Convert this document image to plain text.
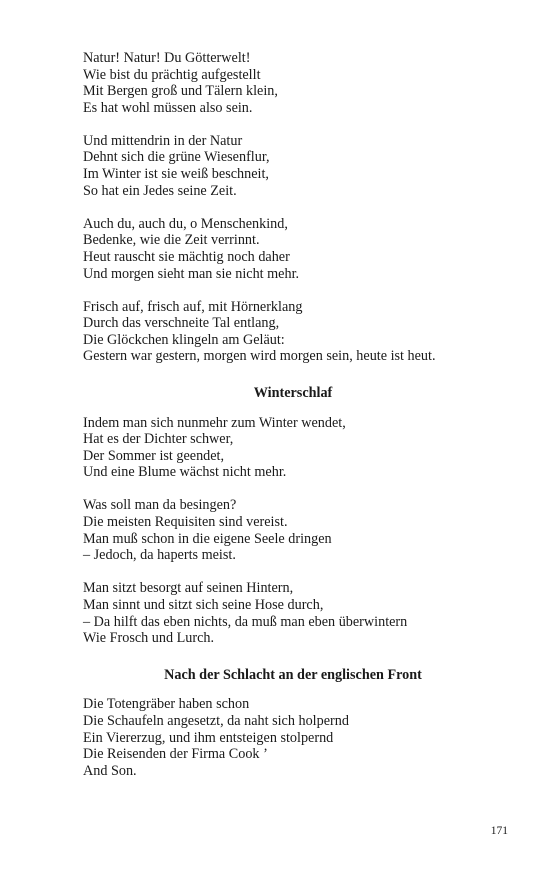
Natur! Natur! Du Götterwelt!
Wie bist du prächtig aufgestellt
Mit Bergen groß und Tälern klein,
Es hat wohl müssen also sein.
Und mittendrin in der Natur
Dehnt sich die grüne Wiesenflur,
Im Winter ist sie weiß beschneit,
So hat ein Jedes seine Zeit.
Auch du, auch du, o Menschenkind,
Bedenke, wie die Zeit verrinnt.
Heut rauscht sie mächtig noch daher
Und morgen sieht man sie nicht mehr.
Frisch auf, frisch auf, mit Hörnerklang
Durch das verschneite Tal entlang,
Die Glöckchen klingeln am Geläut:
Gestern war gestern, morgen wird morgen sein, heute ist heut.
Winterschlaf
Indem man sich nunmehr zum Winter wendet,
Hat es der Dichter schwer,
Der Sommer ist geendet,
Und eine Blume wächst nicht mehr.
Was soll man da besingen?
Die meisten Requisiten sind vereist.
Man muß schon in die eigene Seele dringen
– Jedoch, da haperts meist.
Man sitzt besorgt auf seinen Hintern,
Man sinnt und sitzt sich seine Hose durch,
– Da hilft das eben nichts, da muß man eben überwintern
Wie Frosch und Lurch.
Nach der Schlacht an der englischen Front
Die Totengräber haben schon
Die Schaufeln angesetzt, da naht sich holpernd
Ein Viererzug, und ihm entsteigen stolpernd
Die Reisenden der Firma Cook ’
And Son.
171
